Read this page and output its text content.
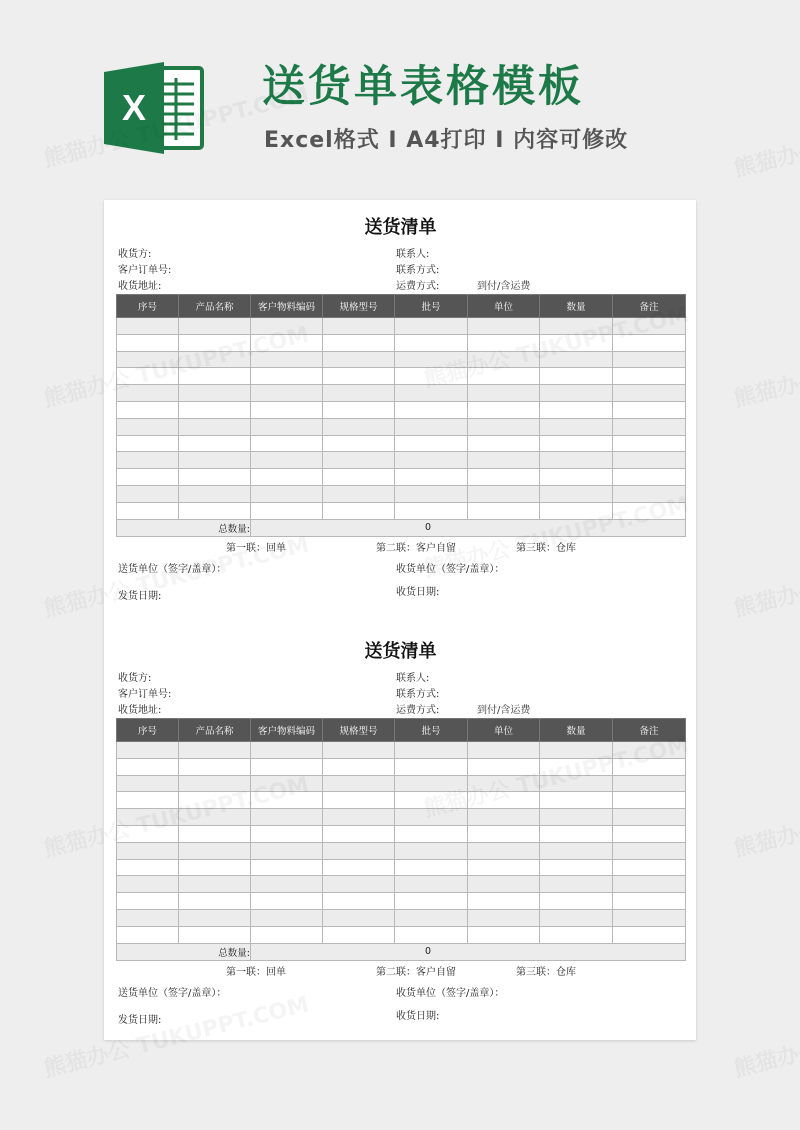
X	送货单表格模板
Excel格式 I A4打印 I 内容可修改
送货清单
收货方:	联系人:
客户订单号:	联系方式:
收货地址:	运费方式:	到付/含运费
序号	产品名称	客户物料编码	规格型号	批号	单位	数量	备注

总数量:		0					
第一联：回单	第二联：客户自留	第三联：仓库
送货单位（签字/盖章）：	收货单位（签字/盖章）：
发货日期:	收货日期:
送货清单
收货方:	联系人:
客户订单号:	联系方式:
收货地址:	运费方式:	到付/含运费
序号	产品名称	客户物料编码	规格型号	批号	单位	数量	备注

总数量:		0					
第一联：回单	第二联：客户自留	第三联：仓库
送货单位（签字/盖章）：	收货单位（签字/盖章）：
发货日期:	收货日期:
